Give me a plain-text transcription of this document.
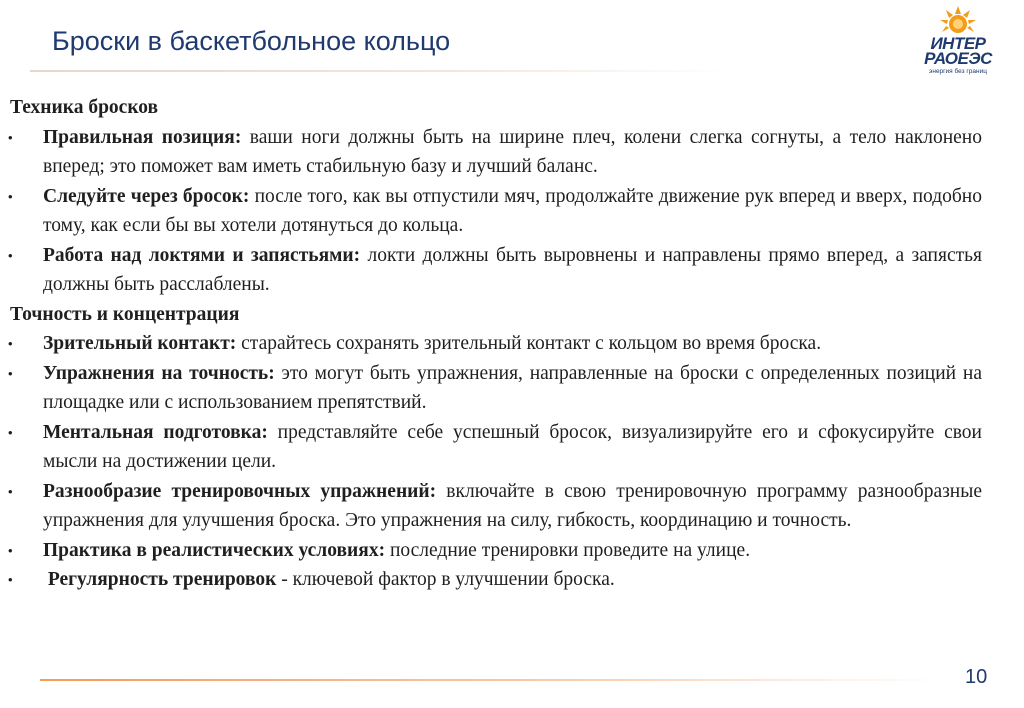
Броски в баскетбольное кольцо	ИНТЕР
РАОЕЭС
энергия без границ
Техника бросков
• Правильная позиция: ваши ноги должны быть на ширине плеч, колени слегка согнуты, а тело наклонено вперед; это поможет вам иметь стабильную базу и лучший баланс.
• Следуйте через бросок: после того, как вы отпустили мяч, продолжайте движение рук вперед и вверх, подобно тому, как если бы вы хотели дотянуться до кольца.
• Работа над локтями и запястьями: локти должны быть выровнены и направлены прямо вперед, а запястья должны быть расслаблены.
Точность и концентрация
• Зрительный контакт: старайтесь сохранять зрительный контакт с кольцом во время броска.
• Упражнения на точность: это могут быть упражнения, направленные на броски с определенных позиций на площадке или с использованием препятствий.
• Ментальная подготовка: представляйте себе успешный бросок, визуализируйте его и сфокусируйте свои мысли на достижении цели.
• Разнообразие тренировочных упражнений: включайте в свою тренировочную программу разнообразные упражнения для улучшения броска. Это упражнения на силу, гибкость, координацию и точность.
• Практика в реалистических условиях: последние тренировки проведите на улице.
• Регулярность тренировок - ключевой фактор в улучшении броска.
10
